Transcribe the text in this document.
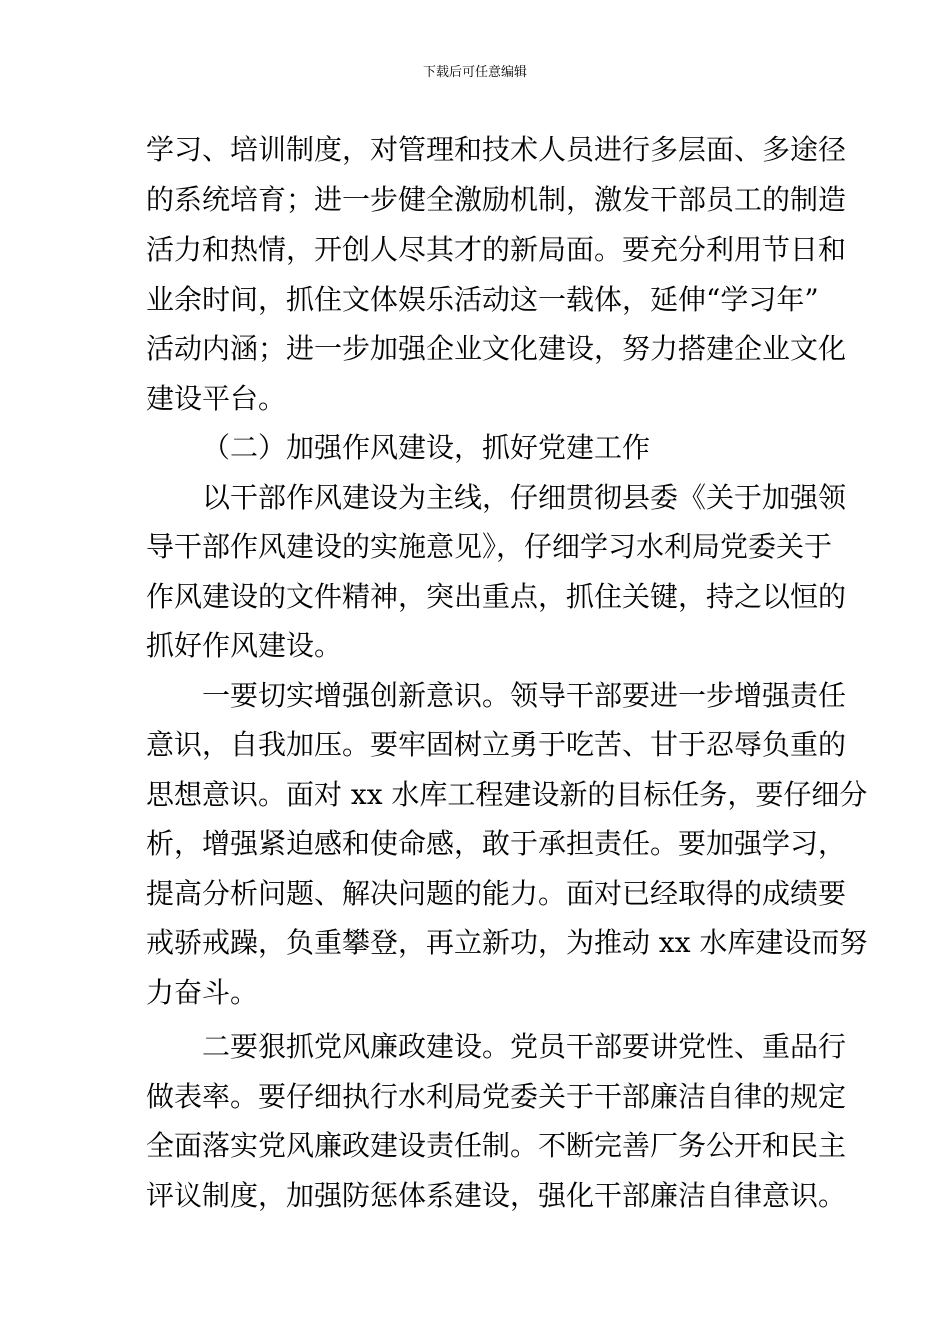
下载后可任意编辑
学习、培训制度，对管理和技术人员进行多层面、多途径
的系统培育；进一步健全激励机制，激发干部员工的制造
活力和热情，开创人尽其才的新局面。要充分利用节日和
业余时间，抓住文体娱乐活动这一载体，延伸“学习年”
活动内涵；进一步加强企业文化建设，努力搭建企业文化
建设平台。
（二）加强作风建设，抓好党建工作
以干部作风建设为主线，仔细贯彻县委《关于加强领
导干部作风建设的实施意见》，仔细学习水利局党委关于
作风建设的文件精神，突出重点，抓住关键，持之以恒的
抓好作风建设。
一要切实增强创新意识。领导干部要进一步增强责任
意识，自我加压。要牢固树立勇于吃苦、甘于忍辱负重的
思想意识。面对 xx 水库工程建设新的目标任务，要仔细分
析，增强紧迫感和使命感，敢于承担责任。要加强学习，
提高分析问题、解决问题的能力。面对已经取得的成绩要
戒骄戒躁，负重攀登，再立新功，为推动 xx 水库建设而努
力奋斗。
二要狠抓党风廉政建设。党员干部要讲党性、重品行
做表率。要仔细执行水利局党委关于干部廉洁自律的规定
全面落实党风廉政建设责任制。不断完善厂务公开和民主
评议制度，加强防惩体系建设，强化干部廉洁自律意识。
